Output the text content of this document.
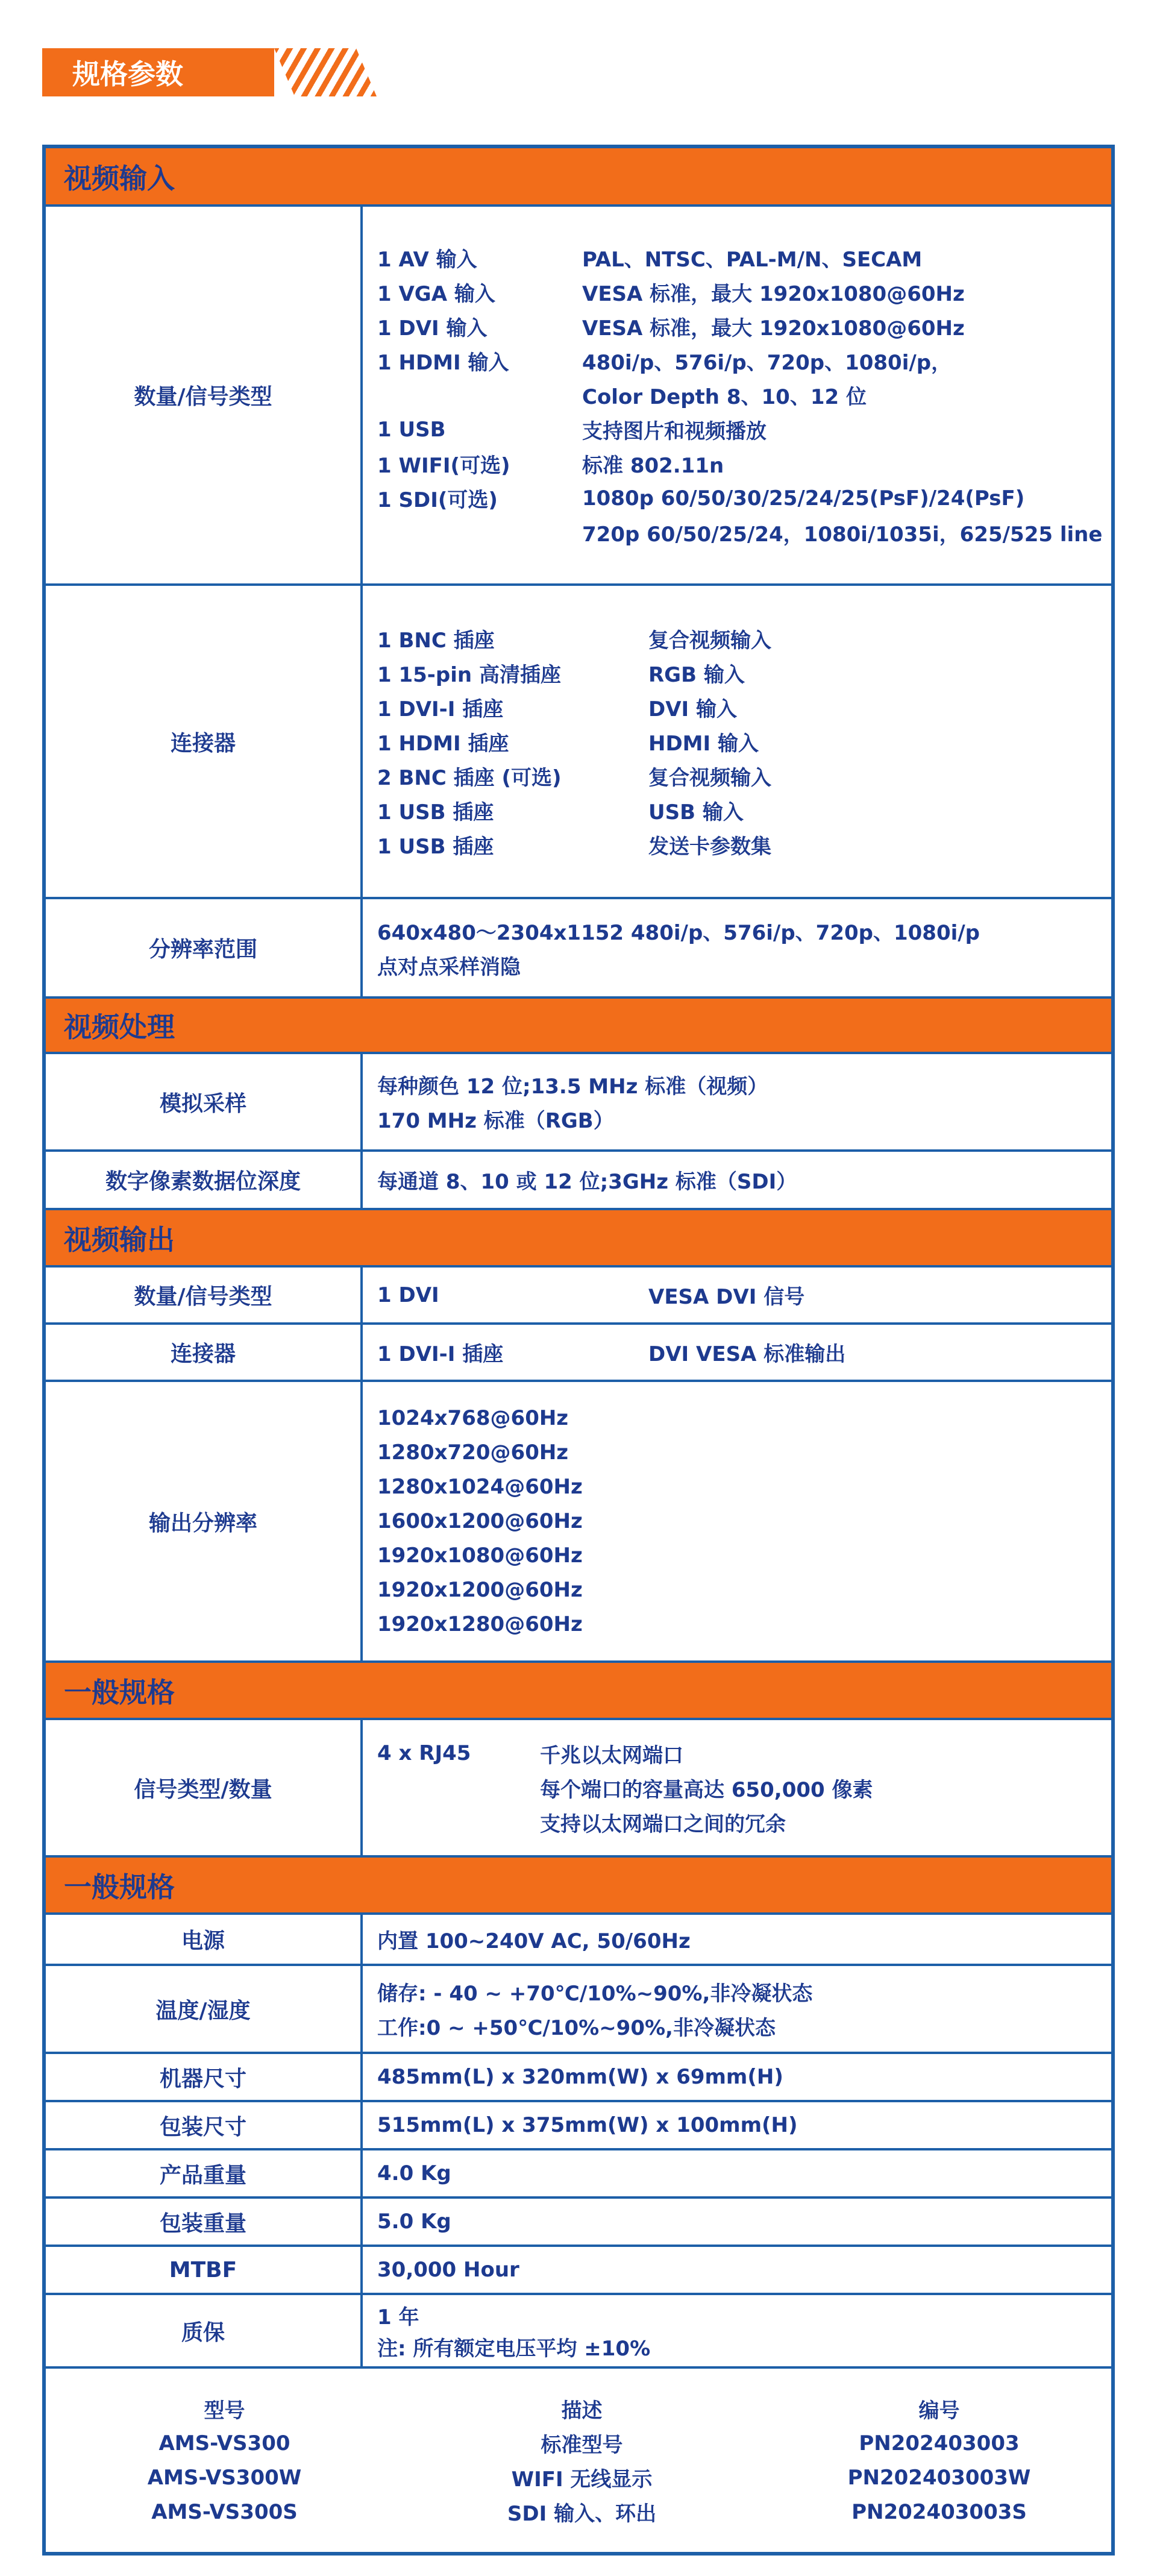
规格参数
视频输入
数量/信号类型
1 AV 输入	PAL、NTSC、PAL-M/N、SECAM
1 VGA 输入	VESA 标准，最大 1920x1080@60Hz
1 DVI 输入	VESA 标准，最大 1920x1080@60Hz
1 HDMI 输入	480i/p、576i/p、720p、1080i/p，
Color Depth 8、10、12 位
1 USB	支持图片和视频播放
1 WIFI(可选)	标准 802.11n
1 SDI(可选)	1080p 60/50/30/25/24/25(PsF)/24(PsF)
720p 60/50/25/24，1080i/1035i，625/525 line
连接器
1 BNC 插座	复合视频输入
1 15-pin 高清插座	RGB 输入
1 DVI-I 插座	DVI 输入
1 HDMI 插座	HDMI 输入
2 BNC 插座 (可选)	复合视频输入
1 USB 插座	USB 输入
1 USB 插座	发送卡参数集
分辨率范围
640x480～2304x1152 480i/p、576i/p、720p、1080i/p
点对点采样消隐
视频处理
模拟采样
每种颜色 12 位;13.5 MHz 标准（视频）
170 MHz 标准（RGB）
数字像素数据位深度	每通道 8、10 或 12 位;3GHz 标准（SDI）
视频输出
数量/信号类型	1 DVI	VESA DVI 信号
连接器	1 DVI-I 插座	DVI VESA 标准输出
输出分辨率
1024x768@60Hz
1280x720@60Hz
1280x1024@60Hz
1600x1200@60Hz
1920x1080@60Hz
1920x1200@60Hz
1920x1280@60Hz
一般规格
信号类型/数量
4 x RJ45	千兆以太网端口
每个端口的容量高达 650,000 像素
支持以太网端口之间的冗余
一般规格
电源	内置 100~240V AC, 50/60Hz
温度/湿度
储存: - 40 ~ +70℃/10%~90%,非冷凝状态
工作:0 ~ +50℃/10%~90%,非冷凝状态
机器尺寸	485mm(L) x 320mm(W) x 69mm(H)
包装尺寸	515mm(L) x 375mm(W) x 100mm(H)
产品重量	4.0 Kg
包装重量	5.0 Kg
MTBF	30,000 Hour
质保
1 年
注: 所有额定电压平均 ±10%
型号	描述	编号
AMS-VS300	标准型号	PN202403003
AMS-VS300W	WIFI 无线显示	PN202403003W
AMS-VS300S	SDI 输入、环出	PN202403003S
